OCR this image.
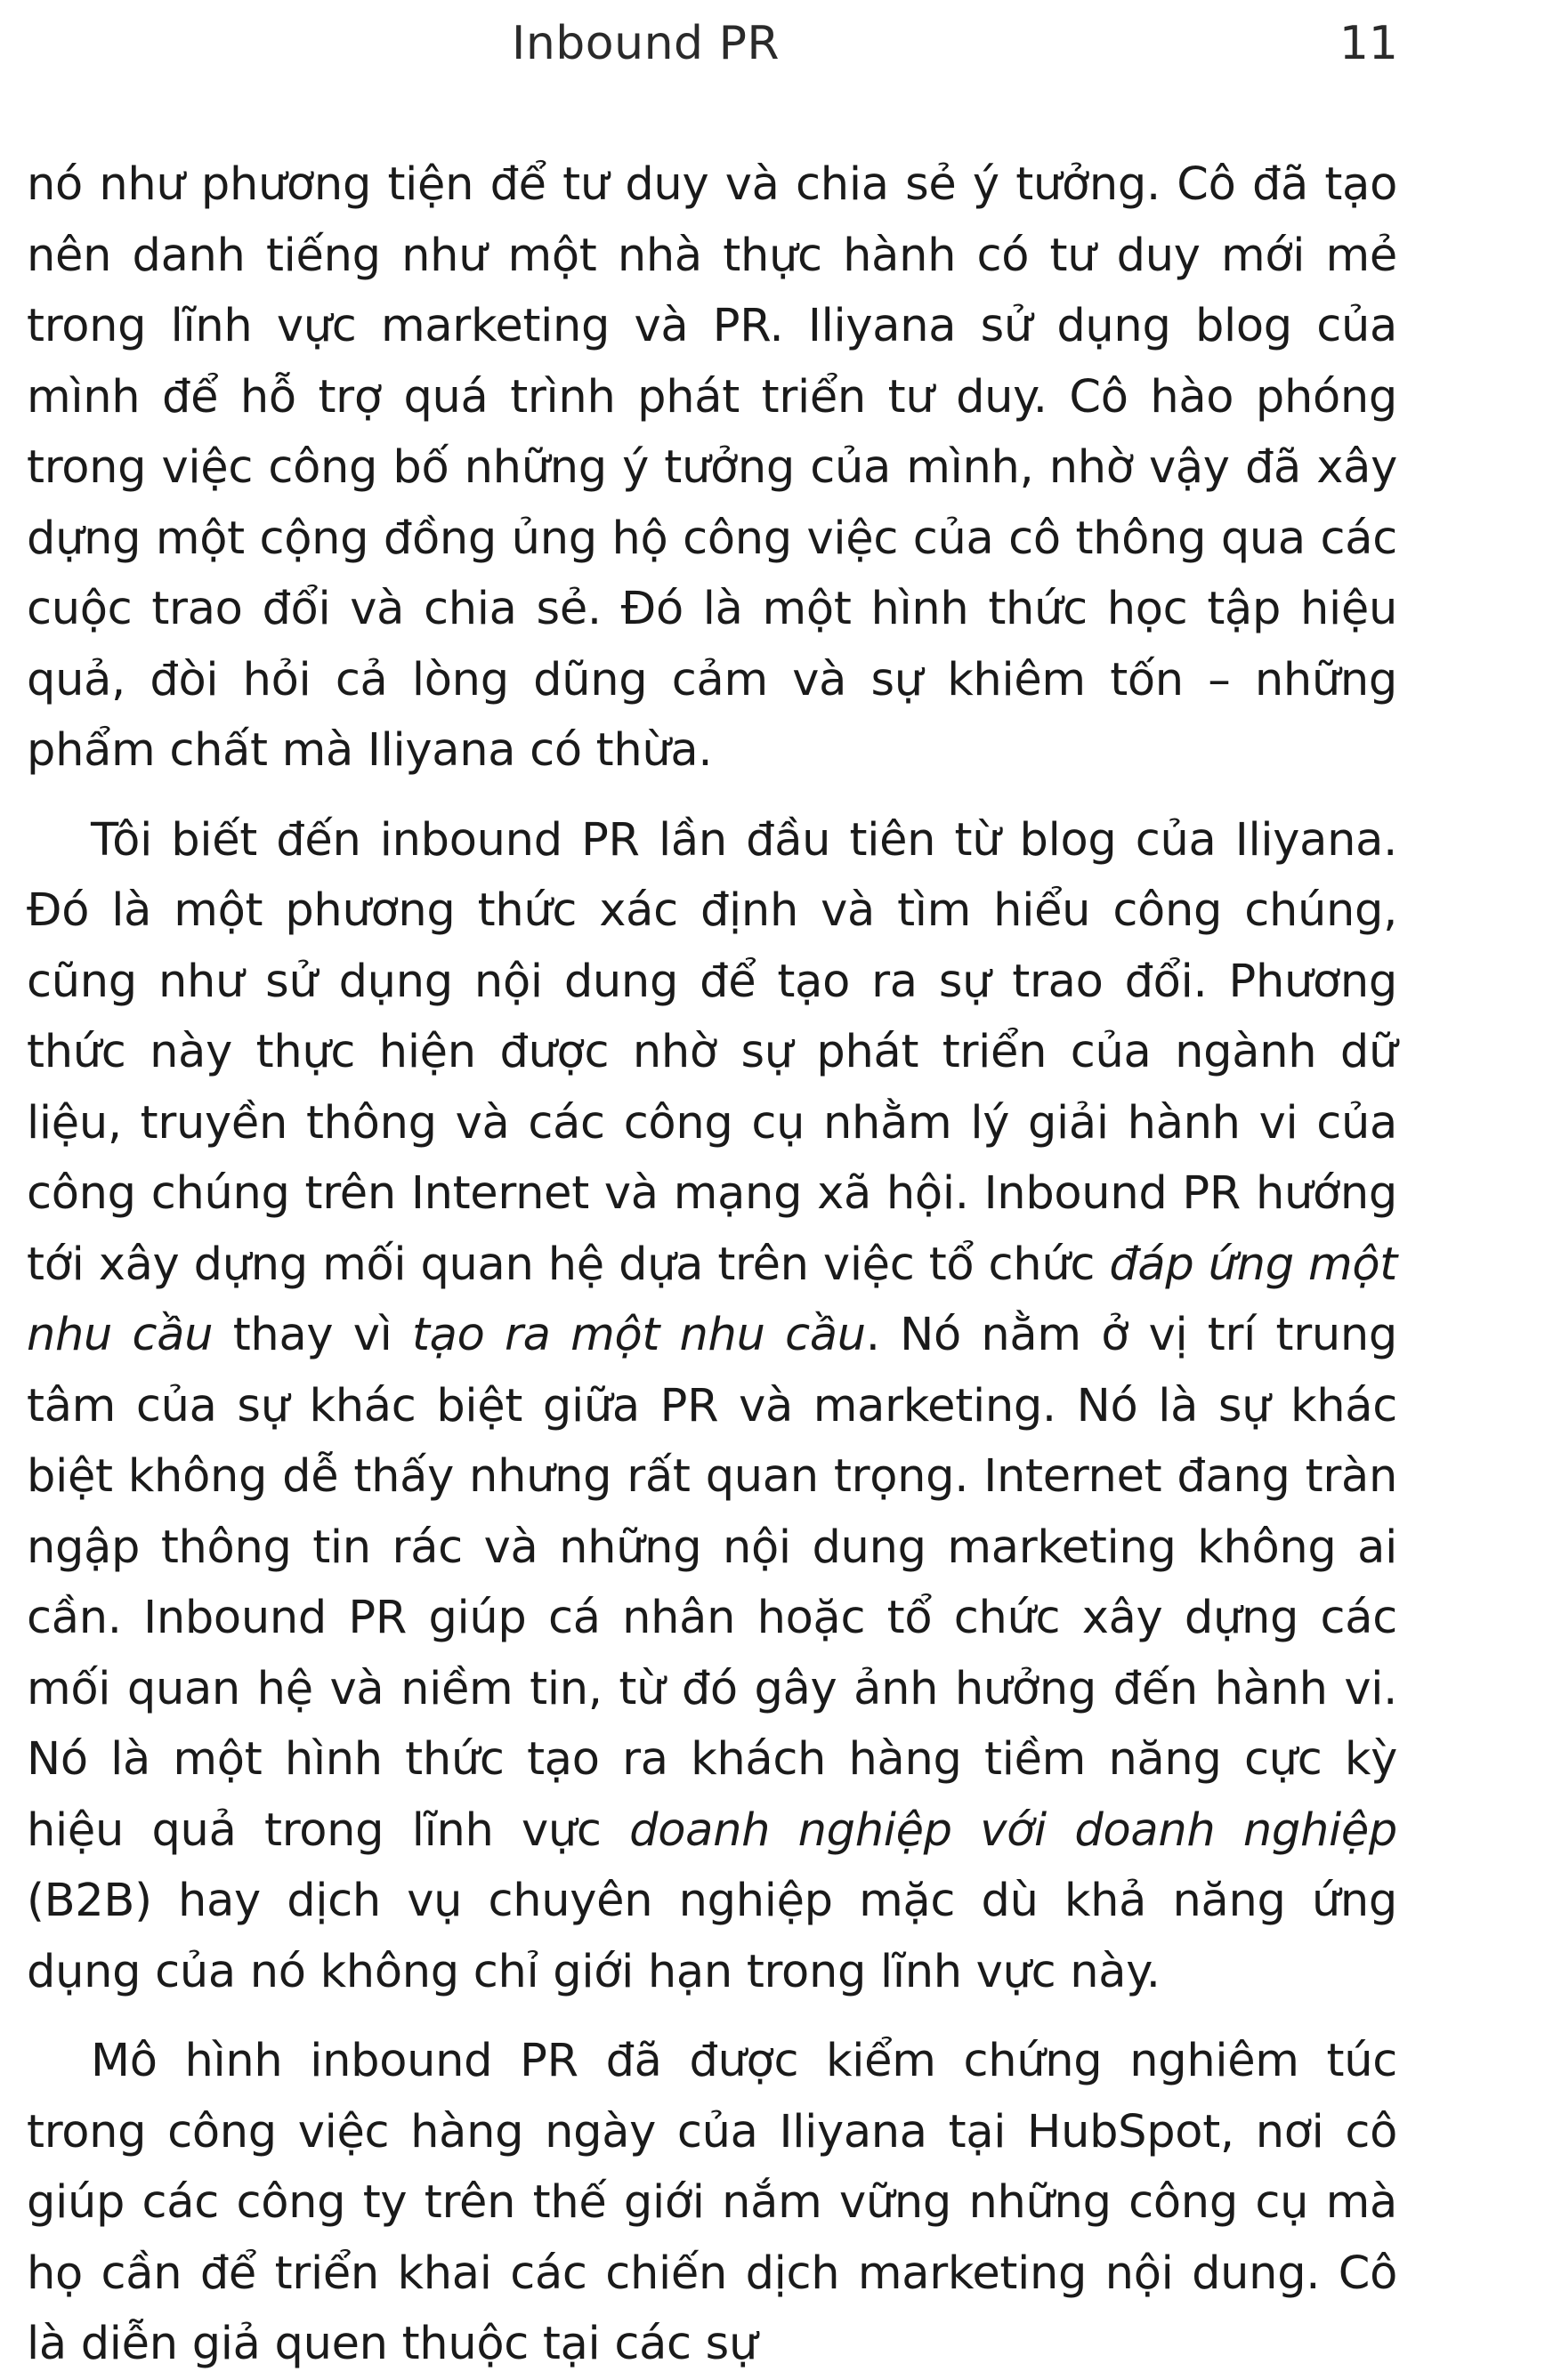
Inbound PR	11

nó như phương tiện để tư duy và chia sẻ ý tưởng. Cô đã tạo nên danh tiếng như một nhà thực hành có tư duy mới mẻ trong lĩnh vực marketing và PR. Iliyana sử dụng blog của mình để hỗ trợ quá trình phát triển tư duy. Cô hào phóng trong việc công bố những ý tưởng của mình, nhờ vậy đã xây dựng một cộng đồng ủng hộ công việc của cô thông qua các cuộc trao đổi và chia sẻ. Đó là một hình thức học tập hiệu quả, đòi hỏi cả lòng dũng cảm và sự khiêm tốn – những phẩm chất mà Iliyana có thừa.

Tôi biết đến inbound PR lần đầu tiên từ blog của Iliyana. Đó là một phương thức xác định và tìm hiểu công chúng, cũng như sử dụng nội dung để tạo ra sự trao đổi. Phương thức này thực hiện được nhờ sự phát triển của ngành dữ liệu, truyền thông và các công cụ nhằm lý giải hành vi của công chúng trên Internet và mạng xã hội. Inbound PR hướng tới xây dựng mối quan hệ dựa trên việc tổ chức đáp ứng một nhu cầu thay vì tạo ra một nhu cầu. Nó nằm ở vị trí trung tâm của sự khác biệt giữa PR và marketing. Nó là sự khác biệt không dễ thấy nhưng rất quan trọng. Internet đang tràn ngập thông tin rác và những nội dung marketing không ai cần. Inbound PR giúp cá nhân hoặc tổ chức xây dựng các mối quan hệ và niềm tin, từ đó gây ảnh hưởng đến hành vi. Nó là một hình thức tạo ra khách hàng tiềm năng cực kỳ hiệu quả trong lĩnh vực doanh nghiệp với doanh nghiệp (B2B) hay dịch vụ chuyên nghiệp mặc dù khả năng ứng dụng của nó không chỉ giới hạn trong lĩnh vực này.

Mô hình inbound PR đã được kiểm chứng nghiêm túc trong công việc hàng ngày của Iliyana tại HubSpot, nơi cô giúp các công ty trên thế giới nắm vững những công cụ mà họ cần để triển khai các chiến dịch marketing nội dung. Cô là diễn giả quen thuộc tại các sự
